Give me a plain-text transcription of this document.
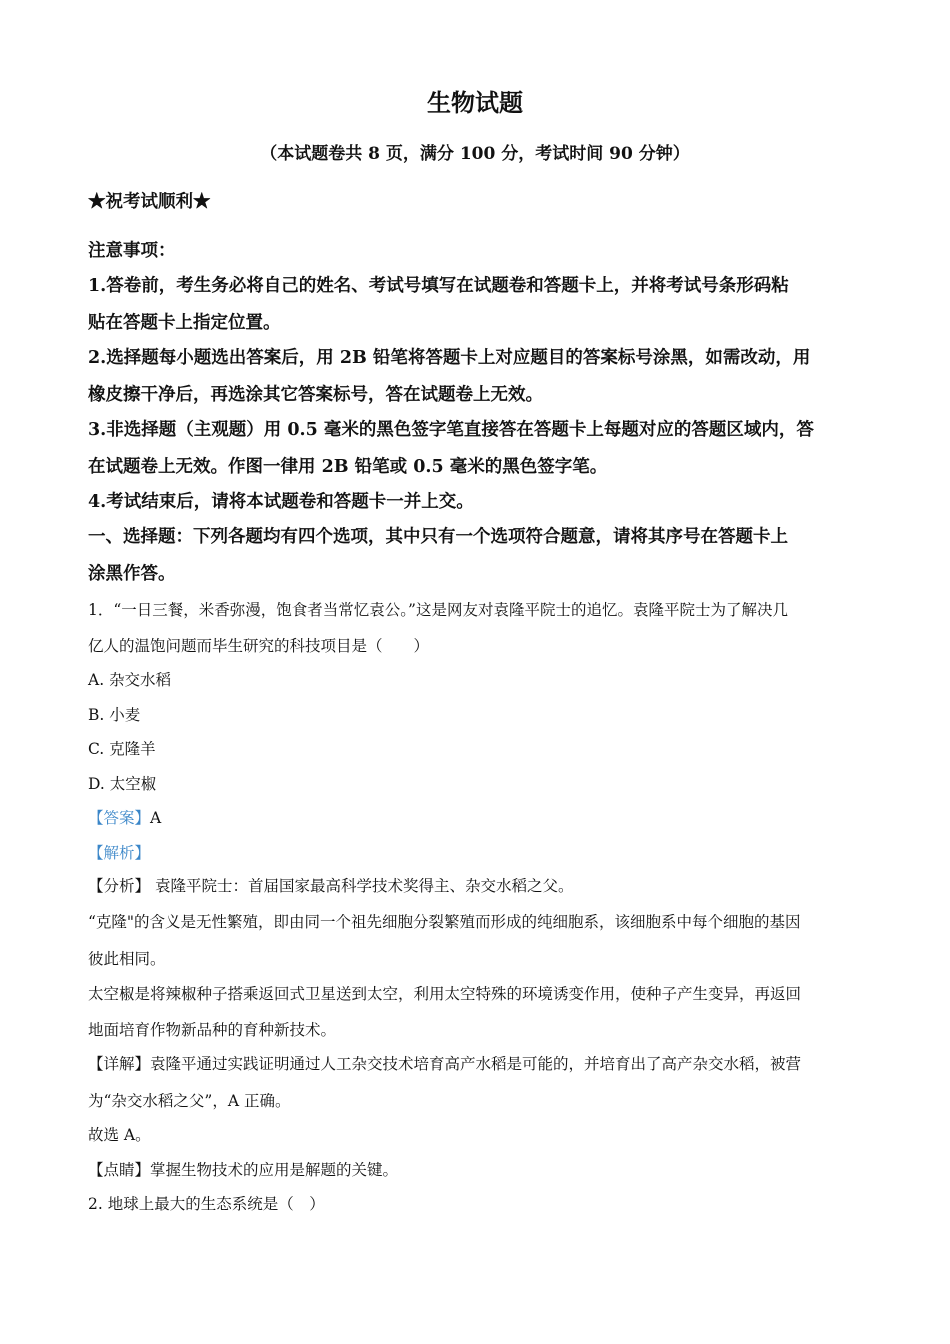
生物试题
（本试题卷共 8 页，满分 100 分，考试时间 90 分钟）
★祝考试顺利★
注意事项：
1.答卷前，考生务必将自己的姓名、考试号填写在试题卷和答题卡上，并将考试号条形码粘
贴在答题卡上指定位置。
2.选择题每小题选出答案后，用 2B 铅笔将答题卡上对应题目的答案标号涂黑，如需改动，用
橡皮擦干净后，再选涂其它答案标号，答在试题卷上无效。
3.非选择题（主观题）用 0.5 毫米的黑色签字笔直接答在答题卡上每题对应的答题区域内，答
在试题卷上无效。作图一律用 2B 铅笔或 0.5 毫米的黑色签字笔。
4.考试结束后，请将本试题卷和答题卡一并上交。
一、选择题：下列各题均有四个选项，其中只有一个选项符合题意，请将其序号在答题卡上
涂黑作答。
1．“一日三餐，米香弥漫，饱食者当常忆袁公。”这是网友对袁隆平院士的追忆。袁隆平院士为了解决几
亿人的温饱问题而毕生研究的科技项目是（　　）
A. 杂交水稻
B. 小麦
C. 克隆羊
D. 太空椒
【答案】A
【解析】
【分析】 袁隆平院士：首届国家最高科学技术奖得主、杂交水稻之父。
“克隆"的含义是无性繁殖，即由同一个祖先细胞分裂繁殖而形成的纯细胞系，该细胞系中每个细胞的基因
彼此相同。
太空椒是将辣椒种子搭乘返回式卫星送到太空，利用太空特殊的环境诱变作用，使种子产生变异，再返回
地面培育作物新品种的育种新技术。
【详解】袁隆平通过实践证明通过人工杂交技术培育高产水稻是可能的，并培育出了高产杂交水稻，被营
为“杂交水稻之父”，A 正确。
故选 A。
【点睛】掌握生物技术的应用是解题的关键。
2. 地球上最大的生态系统是（　）
